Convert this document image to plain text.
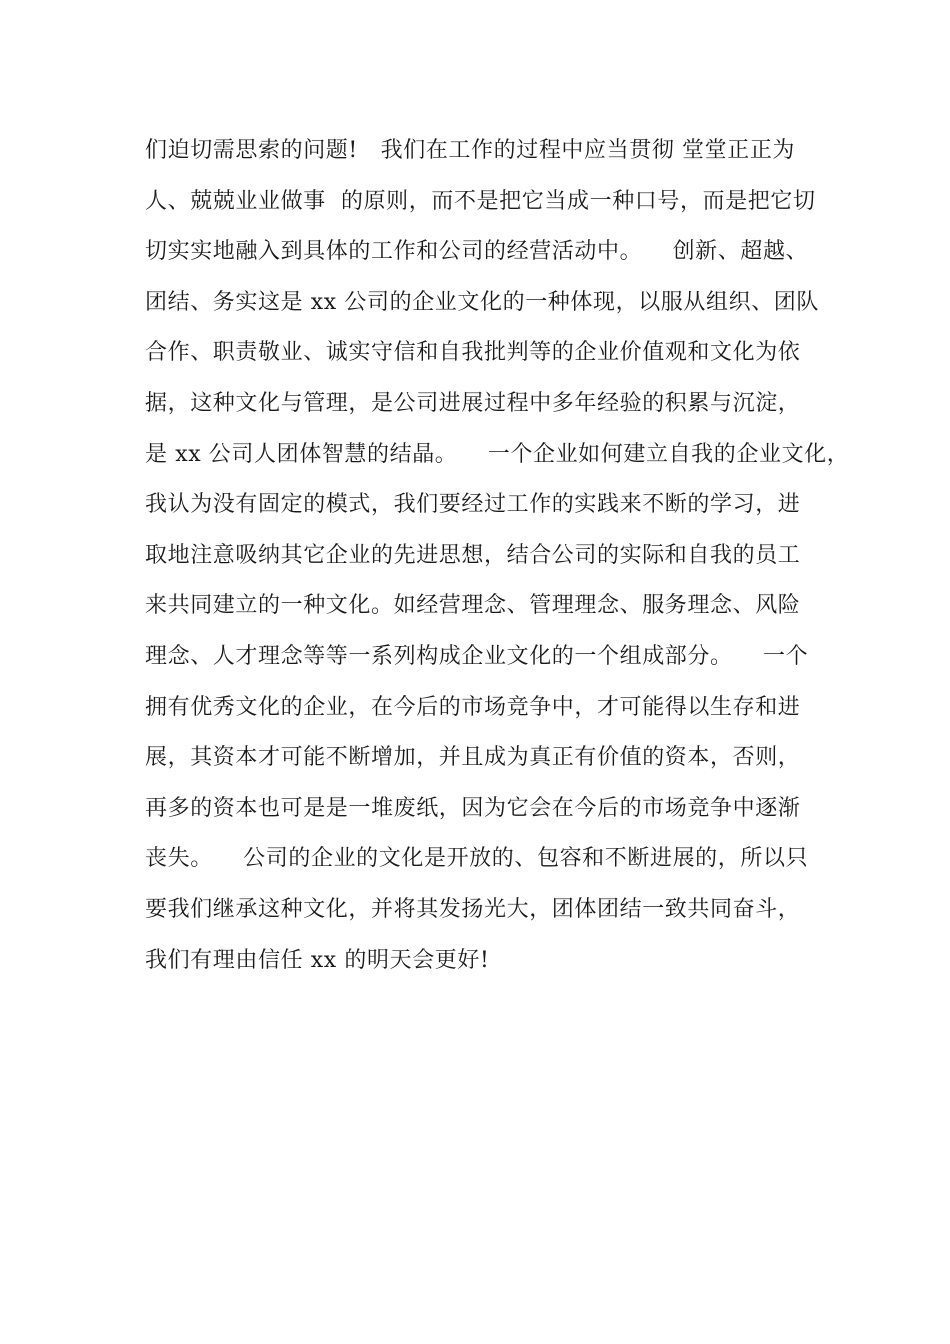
们迫切需思索的问题!   我们在工作的过程中应当贯彻 堂堂正正为
人、兢兢业业做事  的原则，而不是把它当成一种口号，而是把它切
切实实地融入到具体的工作和公司的经营活动中。    创新、超越、
团结、务实这是 xx 公司的企业文化的一种体现，以服从组织、团队
合作、职责敬业、诚实守信和自我批判等的企业价值观和文化为依
据，这种文化与管理，是公司进展过程中多年经验的积累与沉淀，
是 xx 公司人团体智慧的结晶。    一个企业如何建立自我的企业文化，
我认为没有固定的模式，我们要经过工作的实践来不断的学习，进
取地注意吸纳其它企业的先进思想，结合公司的实际和自我的员工
来共同建立的一种文化。如经营理念、管理理念、服务理念、风险
理念、人才理念等等一系列构成企业文化的一个组成部分。    一个
拥有优秀文化的企业，在今后的市场竞争中，才可能得以生存和进
展，其资本才可能不断增加，并且成为真正有价值的资本，否则，
再多的资本也可是是一堆废纸，因为它会在今后的市场竞争中逐渐
丧失。    公司的企业的文化是开放的、包容和不断进展的，所以只
要我们继承这种文化，并将其发扬光大，团体团结一致共同奋斗，
我们有理由信任 xx 的明天会更好!
